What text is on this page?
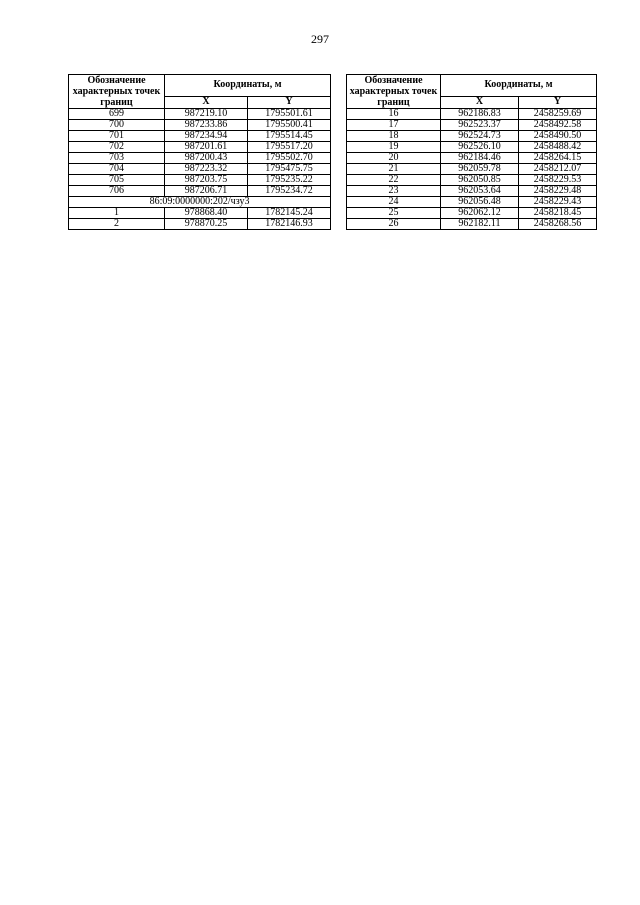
297
Обозначение характерных точек границ	Координаты, м	
	X	Y
699	987219.10	1795501.61
700	987233.86	1795500.41
701	987234.94	1795514.45
702	987201.61	1795517.20
703	987200.43	1795502.70
704	987223.32	1795475.75
705	987203.75	1795235.22
706	987206.71	1795234.72
86:09:0000000:202/чзу3		
1	978868.40	1782145.24
2	978870.25	1782146.93
Обозначение характерных точек границ	Координаты, м	
	X	Y
16	962186.83	2458259.69
17	962523.37	2458492.58
18	962524.73	2458490.50
19	962526.10	2458488.42
20	962184.46	2458264.15
21	962059.78	2458212.07
22	962050.85	2458229.53
23	962053.64	2458229.48
24	962056.48	2458229.43
25	962062.12	2458218.45
26	962182.11	2458268.56
